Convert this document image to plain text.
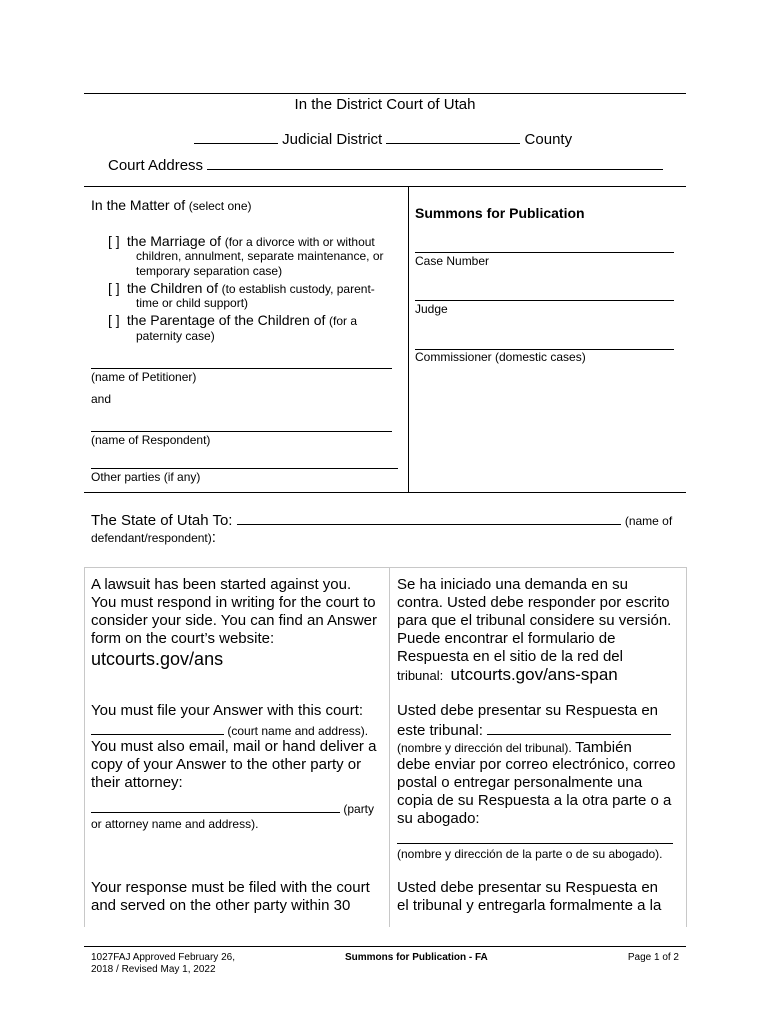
In the District Court of Utah
Judicial District	County
Court Address
In the Matter of (select one)
[ ] the Marriage of (for a divorce with or without
children, annulment, separate maintenance, or
temporary separation case)
[ ] the Children of (to establish custody, parent-
time or child support)
[ ] the Parentage of the Children of (for a
paternity case)
(name of Petitioner)
and
(name of Respondent)
Other parties (if any)
Summons for Publication
Case Number
Judge
Commissioner (domestic cases)
The State of Utah To:	(name of
defendant/respondent):
A lawsuit has been started against you.
You must respond in writing for the court to
consider your side. You can find an Answer
form on the court’s website:
utcourts.gov/ans
You must file your Answer with this court:
(court name and address).
You must also email, mail or hand deliver a
copy of your Answer to the other party or
their attorney:
(party
or attorney name and address).
Your response must be filed with the court
and served on the other party within 30
Se ha iniciado una demanda en su
contra. Usted debe responder por escrito
para que el tribunal considere su versión.
Puede encontrar el formulario de
Respuesta en el sitio de la red del
tribunal: utcourts.gov/ans-span
Usted debe presentar su Respuesta en
este tribunal:
(nombre y dirección del tribunal). También
debe enviar por correo electrónico, correo
postal o entregar personalmente una
copia de su Respuesta a la otra parte o a
su abogado:
(nombre y dirección de la parte o de su abogado).
Usted debe presentar su Respuesta en
el tribunal y entregarla formalmente a la
1027FAJ Approved February 26,
2018 / Revised May 1, 2022
Summons for Publication - FA	Page 1 of 2
